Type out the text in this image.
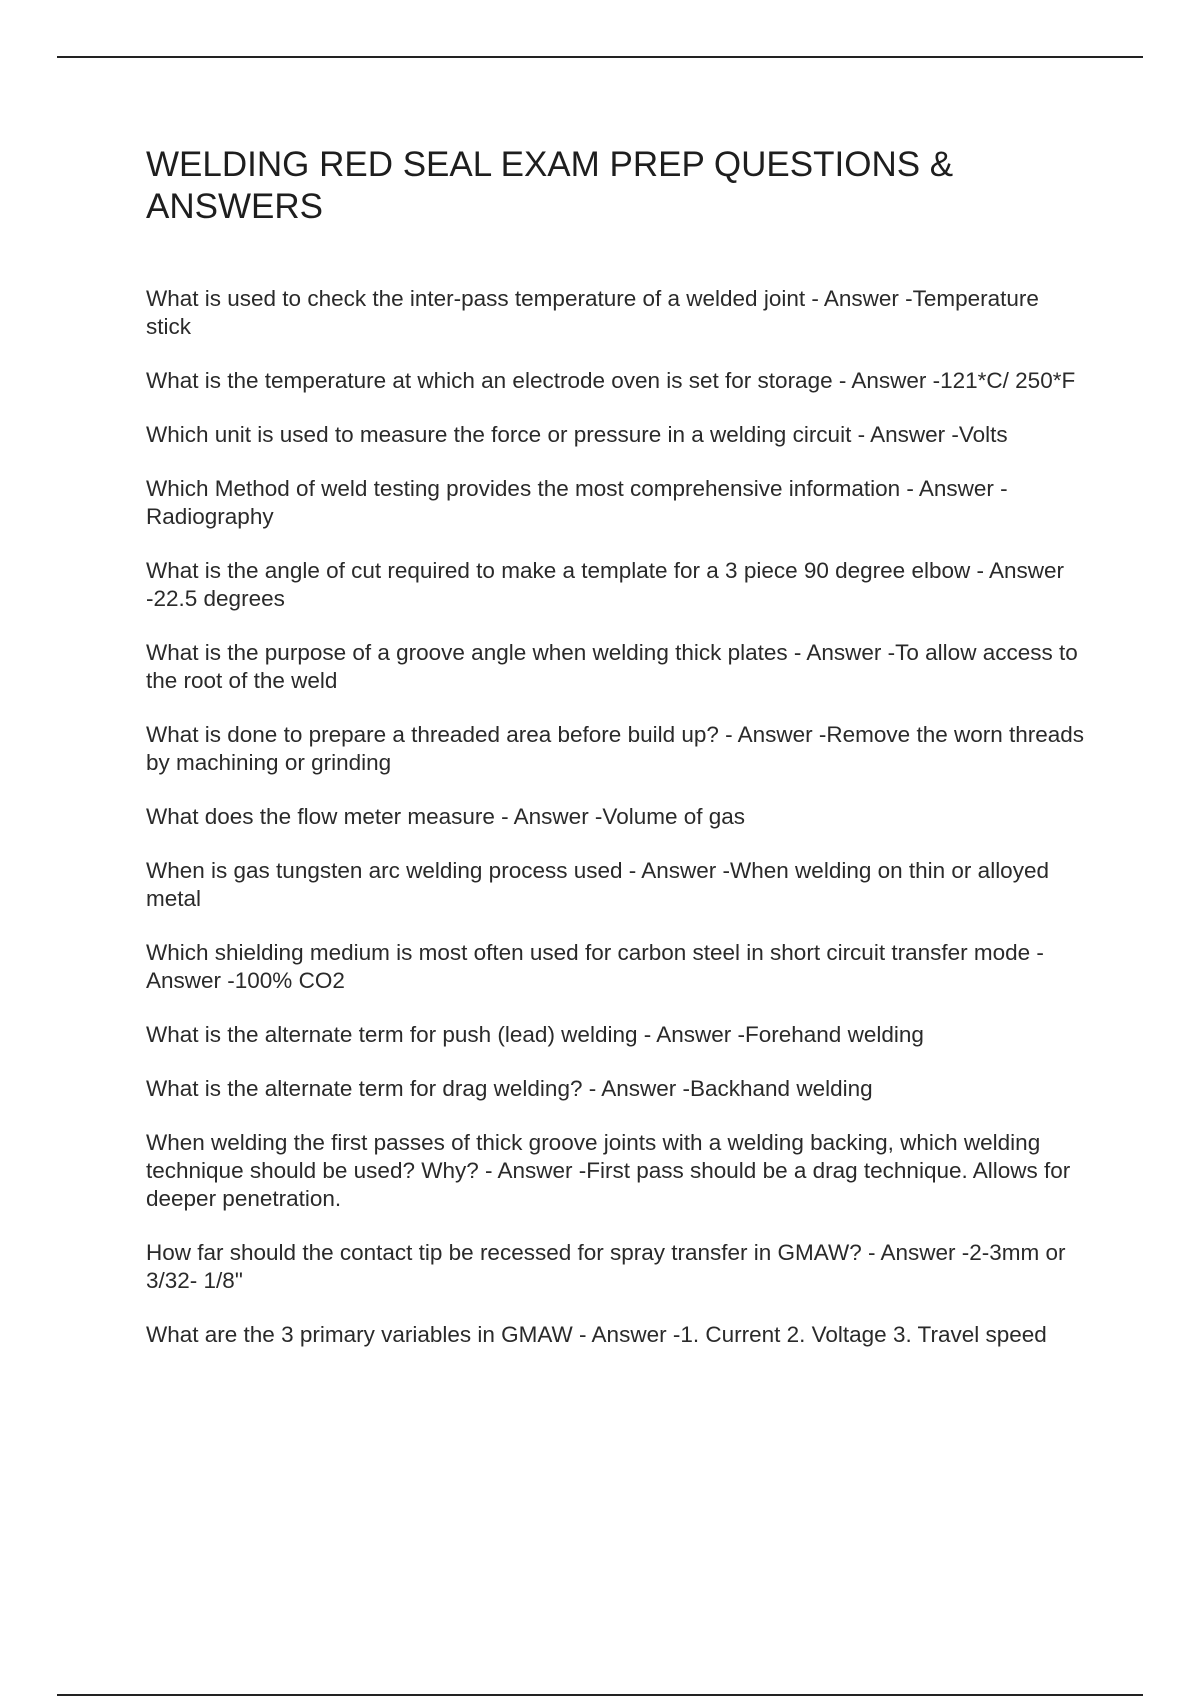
WELDING RED SEAL EXAM PREP QUESTIONS & ANSWERS

What is used to check the inter-pass temperature of a welded joint - Answer -Temperature stick

What is the temperature at which an electrode oven is set for storage - Answer -121*C/ 250*F

Which unit is used to measure the force or pressure in a welding circuit - Answer -Volts

Which Method of weld testing provides the most comprehensive information - Answer -Radiography

What is the angle of cut required to make a template for a 3 piece 90 degree elbow - Answer -22.5 degrees

What is the purpose of a groove angle when welding thick plates - Answer -To allow access to the root of the weld

What is done to prepare a threaded area before build up? - Answer -Remove the worn threads by machining or grinding

What does the flow meter measure - Answer -Volume of gas

When is gas tungsten arc welding process used - Answer -When welding on thin or alloyed metal

Which shielding medium is most often used for carbon steel in short circuit transfer mode - Answer -100% CO2

What is the alternate term for push (lead) welding - Answer -Forehand welding

What is the alternate term for drag welding? - Answer -Backhand welding

When welding the first passes of thick groove joints with a welding backing, which welding technique should be used? Why? - Answer -First pass should be a drag technique. Allows for deeper penetration.

How far should the contact tip be recessed for spray transfer in GMAW? - Answer -2-3mm or 3/32- 1/8"

What are the 3 primary variables in GMAW - Answer -1. Current 2. Voltage 3. Travel speed
